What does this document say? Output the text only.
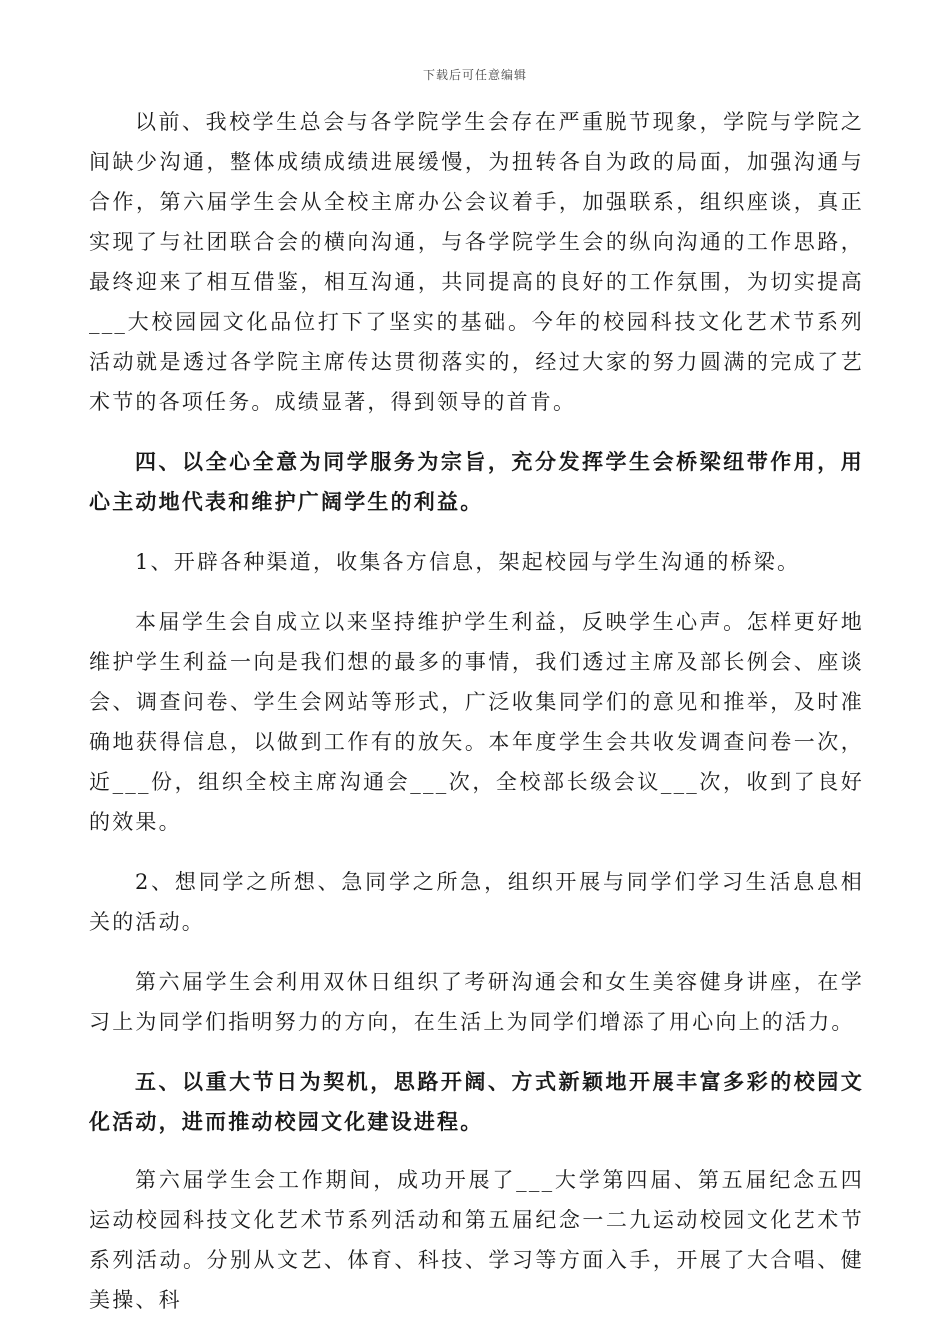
下载后可任意编辑

以前、我校学生总会与各学院学生会存在严重脱节现象，学院与学院之间缺少沟通，整体成绩成绩进展缓慢，为扭转各自为政的局面，加强沟通与合作，第六届学生会从全校主席办公会议着手，加强联系，组织座谈，真正实现了与社团联合会的横向沟通，与各学院学生会的纵向沟通的工作思路，最终迎来了相互借鉴，相互沟通，共同提高的良好的工作氛围，为切实提高___大校园园文化品位打下了坚实的基础。今年的校园科技文化艺术节系列活动就是透过各学院主席传达贯彻落实的，经过大家的努力圆满的完成了艺术节的各项任务。成绩显著，得到领导的首肯。

四、以全心全意为同学服务为宗旨，充分发挥学生会桥梁纽带作用，用心主动地代表和维护广阔学生的利益。

1、开辟各种渠道，收集各方信息，架起校园与学生沟通的桥梁。

本届学生会自成立以来坚持维护学生利益，反映学生心声。怎样更好地维护学生利益一向是我们想的最多的事情，我们透过主席及部长例会、座谈会、调查问卷、学生会网站等形式，广泛收集同学们的意见和推举，及时准确地获得信息，以做到工作有的放矢。本年度学生会共收发调查问卷一次，近___份，组织全校主席沟通会___次，全校部长级会议___次，收到了良好的效果。

2、想同学之所想、急同学之所急，组织开展与同学们学习生活息息相关的活动。

第六届学生会利用双休日组织了考研沟通会和女生美容健身讲座，在学习上为同学们指明努力的方向，在生活上为同学们增添了用心向上的活力。

五、以重大节日为契机，思路开阔、方式新颖地开展丰富多彩的校园文化活动，进而推动校园文化建设进程。

第六届学生会工作期间，成功开展了___大学第四届、第五届纪念五四运动校园科技文化艺术节系列活动和第五届纪念一二九运动校园文化艺术节系列活动。分别从文艺、体育、科技、学习等方面入手，开展了大合唱、健美操、科
